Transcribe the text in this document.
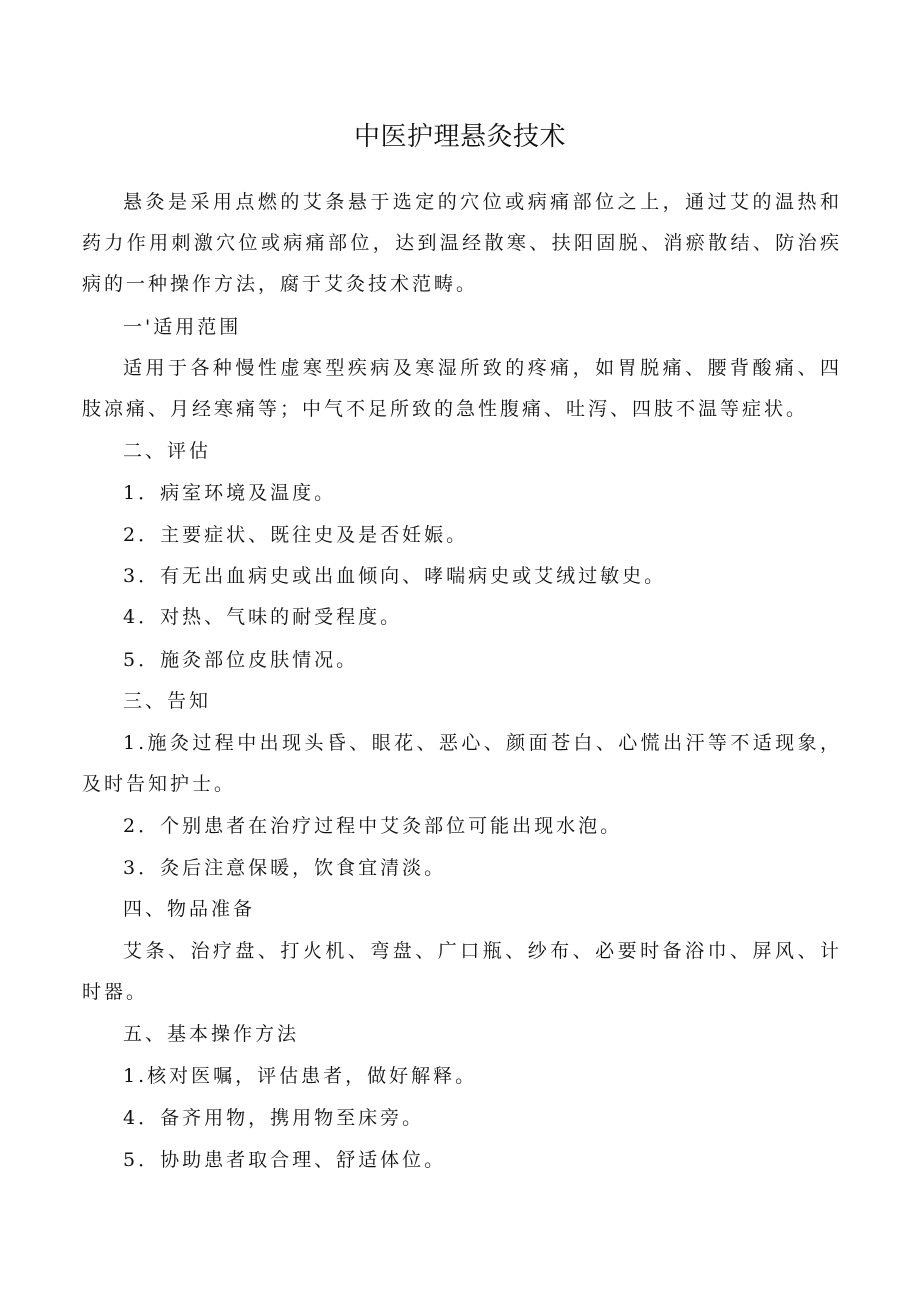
中医护理悬灸技术

悬灸是采用点燃的艾条悬于选定的穴位或病痛部位之上，通过艾的温热和药力作用刺激穴位或病痛部位，达到温经散寒、扶阳固脱、消瘀散结、防治疾病的一种操作方法，腐于艾灸技术范畴。

一'适用范围

适用于各种慢性虚寒型疾病及寒湿所致的疼痛，如胃脱痛、腰背酸痛、四肢凉痛、月经寒痛等；中气不足所致的急性腹痛、吐泻、四肢不温等症状。

二、评估
1．病室环境及温度。
2．主要症状、既往史及是否妊娠。
3．有无出血病史或出血倾向、哮喘病史或艾绒过敏史。
4．对热、气味的耐受程度。
5．施灸部位皮肤情况。
三、告知

1.施灸过程中出现头昏、眼花、恶心、颜面苍白、心慌出汗等不适现象，及时告知护士。

2．个别患者在治疗过程中艾灸部位可能出现水泡。
3．灸后注意保暖，饮食宜清淡。
四、物品准备

艾条、治疗盘、打火机、弯盘、广口瓶、纱布、必要时备浴巾、屏风、计时器。

五、基本操作方法
1.核对医嘱，评估患者，做好解释。
4．备齐用物，携用物至床旁。
5．协助患者取合理、舒适体位。
